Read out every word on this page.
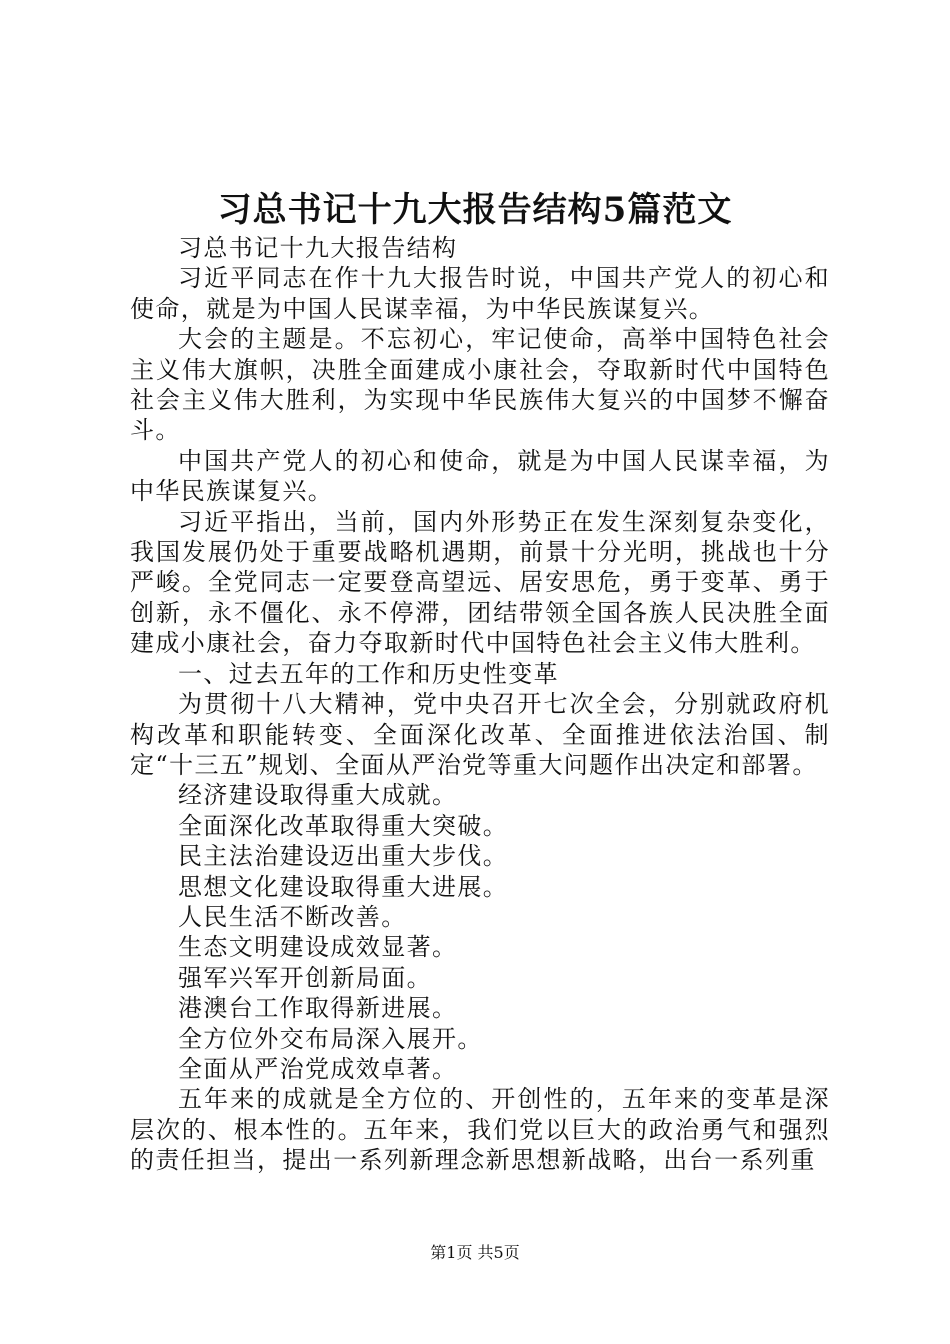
习总书记十九大报告结构5篇范文

习总书记十九大报告结构

习近平同志在作十九大报告时说，中国共产党人的初心和使命，就是为中国人民谋幸福，为中华民族谋复兴。

大会的主题是。不忘初心，牢记使命，高举中国特色社会主义伟大旗帜，决胜全面建成小康社会，夺取新时代中国特色社会主义伟大胜利，为实现中华民族伟大复兴的中国梦不懈奋斗。

中国共产党人的初心和使命，就是为中国人民谋幸福，为中华民族谋复兴。

习近平指出，当前，国内外形势正在发生深刻复杂变化，我国发展仍处于重要战略机遇期，前景十分光明，挑战也十分严峻。全党同志一定要登高望远、居安思危，勇于变革、勇于创新，永不僵化、永不停滞，团结带领全国各族人民决胜全面建成小康社会，奋力夺取新时代中国特色社会主义伟大胜利。

一、过去五年的工作和历史性变革

为贯彻十八大精神，党中央召开七次全会，分别就政府机构改革和职能转变、全面深化改革、全面推进依法治国、制定“十三五”规划、全面从严治党等重大问题作出决定和部署。

经济建设取得重大成就。

全面深化改革取得重大突破。

民主法治建设迈出重大步伐。

思想文化建设取得重大进展。

人民生活不断改善。

生态文明建设成效显著。

强军兴军开创新局面。

港澳台工作取得新进展。

全方位外交布局深入展开。

全面从严治党成效卓著。

五年来的成就是全方位的、开创性的，五年来的变革是深层次的、根本性的。五年来，我们党以巨大的政治勇气和强烈的责任担当，提出一系列新理念新思想新战略，出台一系列重

第1页 共5页
